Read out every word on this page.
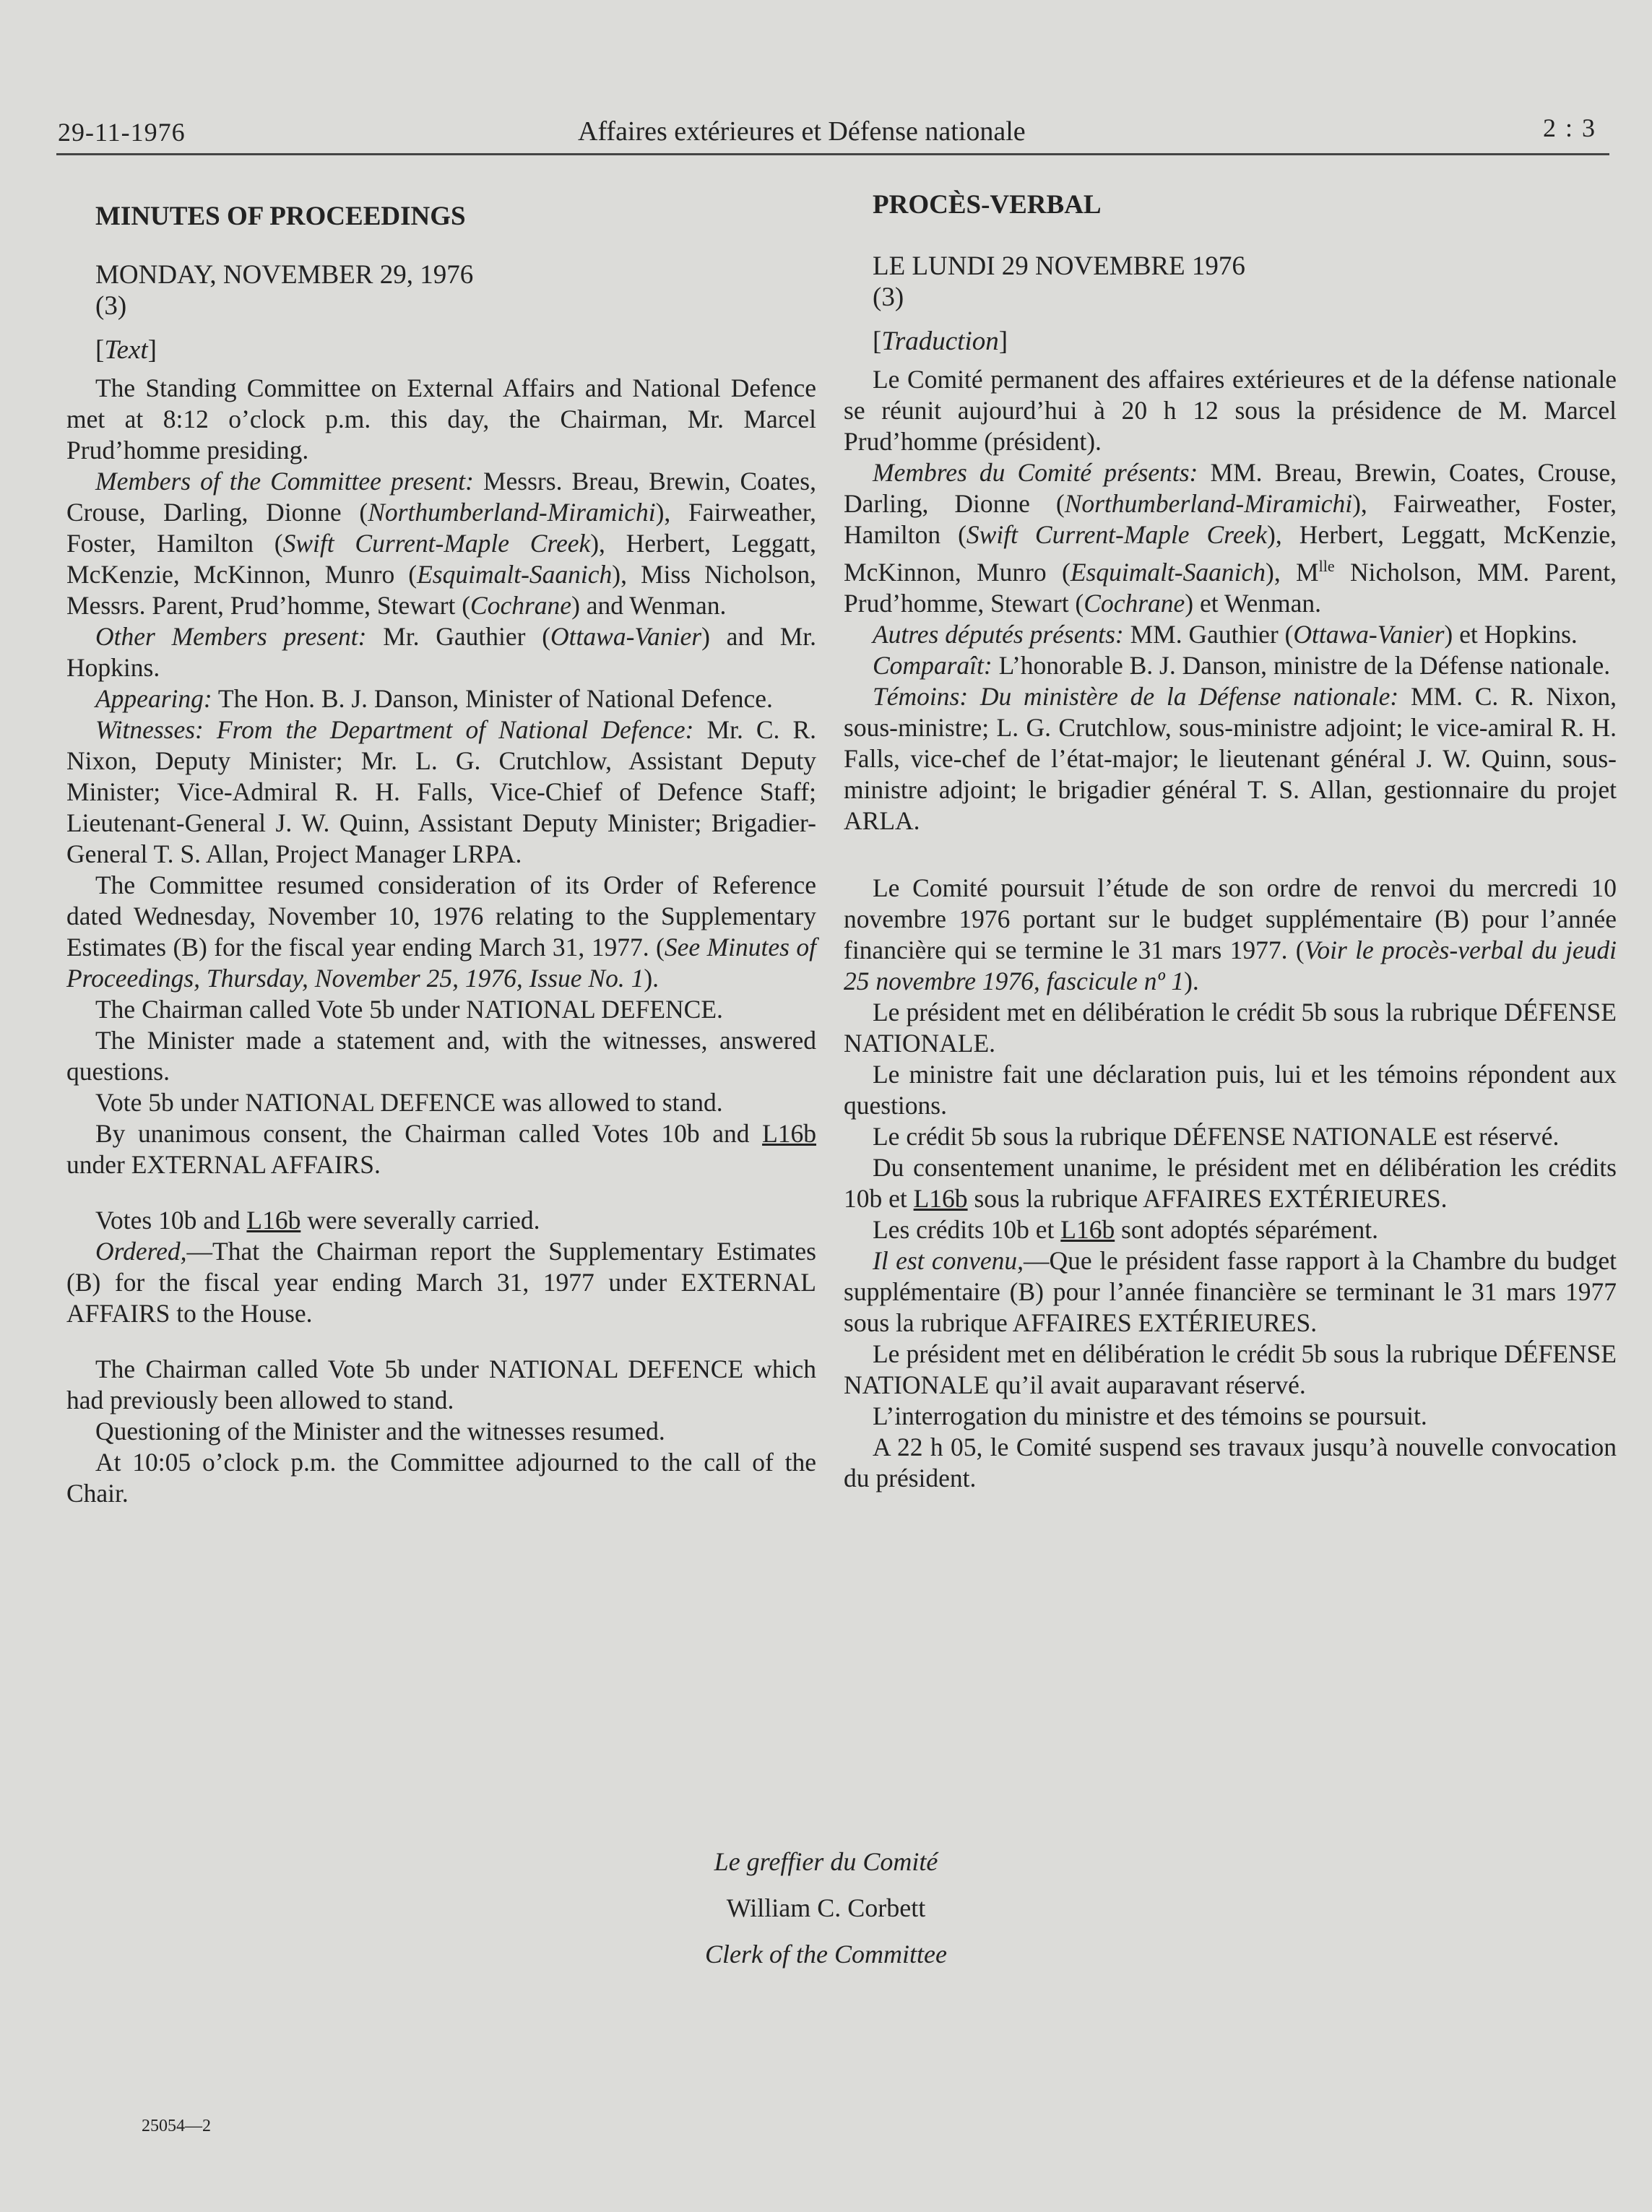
29-11-1976	Affaires extérieures et Défense nationale	2 : 3

MINUTES OF PROCEEDINGS

MONDAY, NOVEMBER 29, 1976

(3)

[Text]

The Standing Committee on External Affairs and National Defence met at 8:12 o’clock p.m. this day, the Chairman, Mr. Marcel Prud’homme presiding.

Members of the Committee present: Messrs. Breau, Brewin, Coates, Crouse, Darling, Dionne (Northumberland-Miramichi), Fairweather, Foster, Hamilton (Swift Current-Maple Creek), Herbert, Leggatt, McKenzie, McKinnon, Munro (Esquimalt-Saanich), Miss Nicholson, Messrs. Parent, Prud’homme, Stewart (Cochrane) and Wenman.

Other Members present: Mr. Gauthier (Ottawa-Vanier) and Mr. Hopkins.

Appearing: The Hon. B. J. Danson, Minister of National Defence.

Witnesses: From the Department of National Defence: Mr. C. R. Nixon, Deputy Minister; Mr. L. G. Crutchlow, Assistant Deputy Minister; Vice-Admiral R. H. Falls, Vice-Chief of Defence Staff; Lieutenant-General J. W. Quinn, Assistant Deputy Minister; Brigadier-General T. S. Allan, Project Manager LRPA.

The Committee resumed consideration of its Order of Reference dated Wednesday, November 10, 1976 relating to the Supplementary Estimates (B) for the fiscal year ending March 31, 1977. (See Minutes of Proceedings, Thursday, November 25, 1976, Issue No. 1).

The Chairman called Vote 5b under NATIONAL DEFENCE.

The Minister made a statement and, with the witnesses, answered questions.

Vote 5b under NATIONAL DEFENCE was allowed to stand.

By unanimous consent, the Chairman called Votes 10b and L16b under EXTERNAL AFFAIRS.

Votes 10b and L16b were severally carried.

Ordered,—That the Chairman report the Supplementary Estimates (B) for the fiscal year ending March 31, 1977 under EXTERNAL AFFAIRS to the House.

The Chairman called Vote 5b under NATIONAL DEFENCE which had previously been allowed to stand.

Questioning of the Minister and the witnesses resumed.

At 10:05 o’clock p.m. the Committee adjourned to the call of the Chair.

PROCÈS-VERBAL

LE LUNDI 29 NOVEMBRE 1976

(3)

[Traduction]

Le Comité permanent des affaires extérieures et de la défense nationale se réunit aujourd’hui à 20 h 12 sous la présidence de M. Marcel Prud’homme (président).

Membres du Comité présents: MM. Breau, Brewin, Coates, Crouse, Darling, Dionne (Northumberland-Miramichi), Fairweather, Foster, Hamilton (Swift Current-Maple Creek), Herbert, Leggatt, McKenzie, McKinnon, Munro (Esquimalt-Saanich), $M^{lle}$ Nicholson, MM. Parent, Prud’homme, Stewart (Cochrane) et Wenman.

Autres députés présents: MM. Gauthier (Ottawa-Vanier) et Hopkins.

Comparaît: L’honorable B. J. Danson, ministre de la Défense nationale.

Témoins: Du ministère de la Défense nationale: MM. C. R. Nixon, sous-ministre; L. G. Crutchlow, sous-ministre adjoint; le vice-amiral R. H. Falls, vice-chef de l’état-major; le lieutenant général J. W. Quinn, sous-ministre adjoint; le brigadier général T. S. Allan, gestionnaire du projet ARLA.

Le Comité poursuit l’étude de son ordre de renvoi du mercredi 10 novembre 1976 portant sur le budget supplémentaire (B) pour l’année financière qui se termine le 31 mars 1977. (Voir le procès-verbal du jeudi 25 novembre 1976, fascicule nº 1).

Le président met en délibération le crédit 5b sous la rubrique DÉFENSE NATIONALE.

Le ministre fait une déclaration puis, lui et les témoins répondent aux questions.

Le crédit 5b sous la rubrique DÉFENSE NATIONALE est réservé.

Du consentement unanime, le président met en délibération les crédits 10b et L16b sous la rubrique AFFAIRES EXTÉRIEURES.

Les crédits 10b et L16b sont adoptés séparément.

Il est convenu,—Que le président fasse rapport à la Chambre du budget supplémentaire (B) pour l’année financière se terminant le 31 mars 1977 sous la rubrique AFFAIRES EXTÉRIEURES.

Le président met en délibération le crédit 5b sous la rubrique DÉFENSE NATIONALE qu’il avait auparavant réservé.

L’interrogation du ministre et des témoins se poursuit.

A 22 h 05, le Comité suspend ses travaux jusqu’à nouvelle convocation du président.

Le greffier du Comité
William C. Corbett
Clerk of the Committee
25054—2
